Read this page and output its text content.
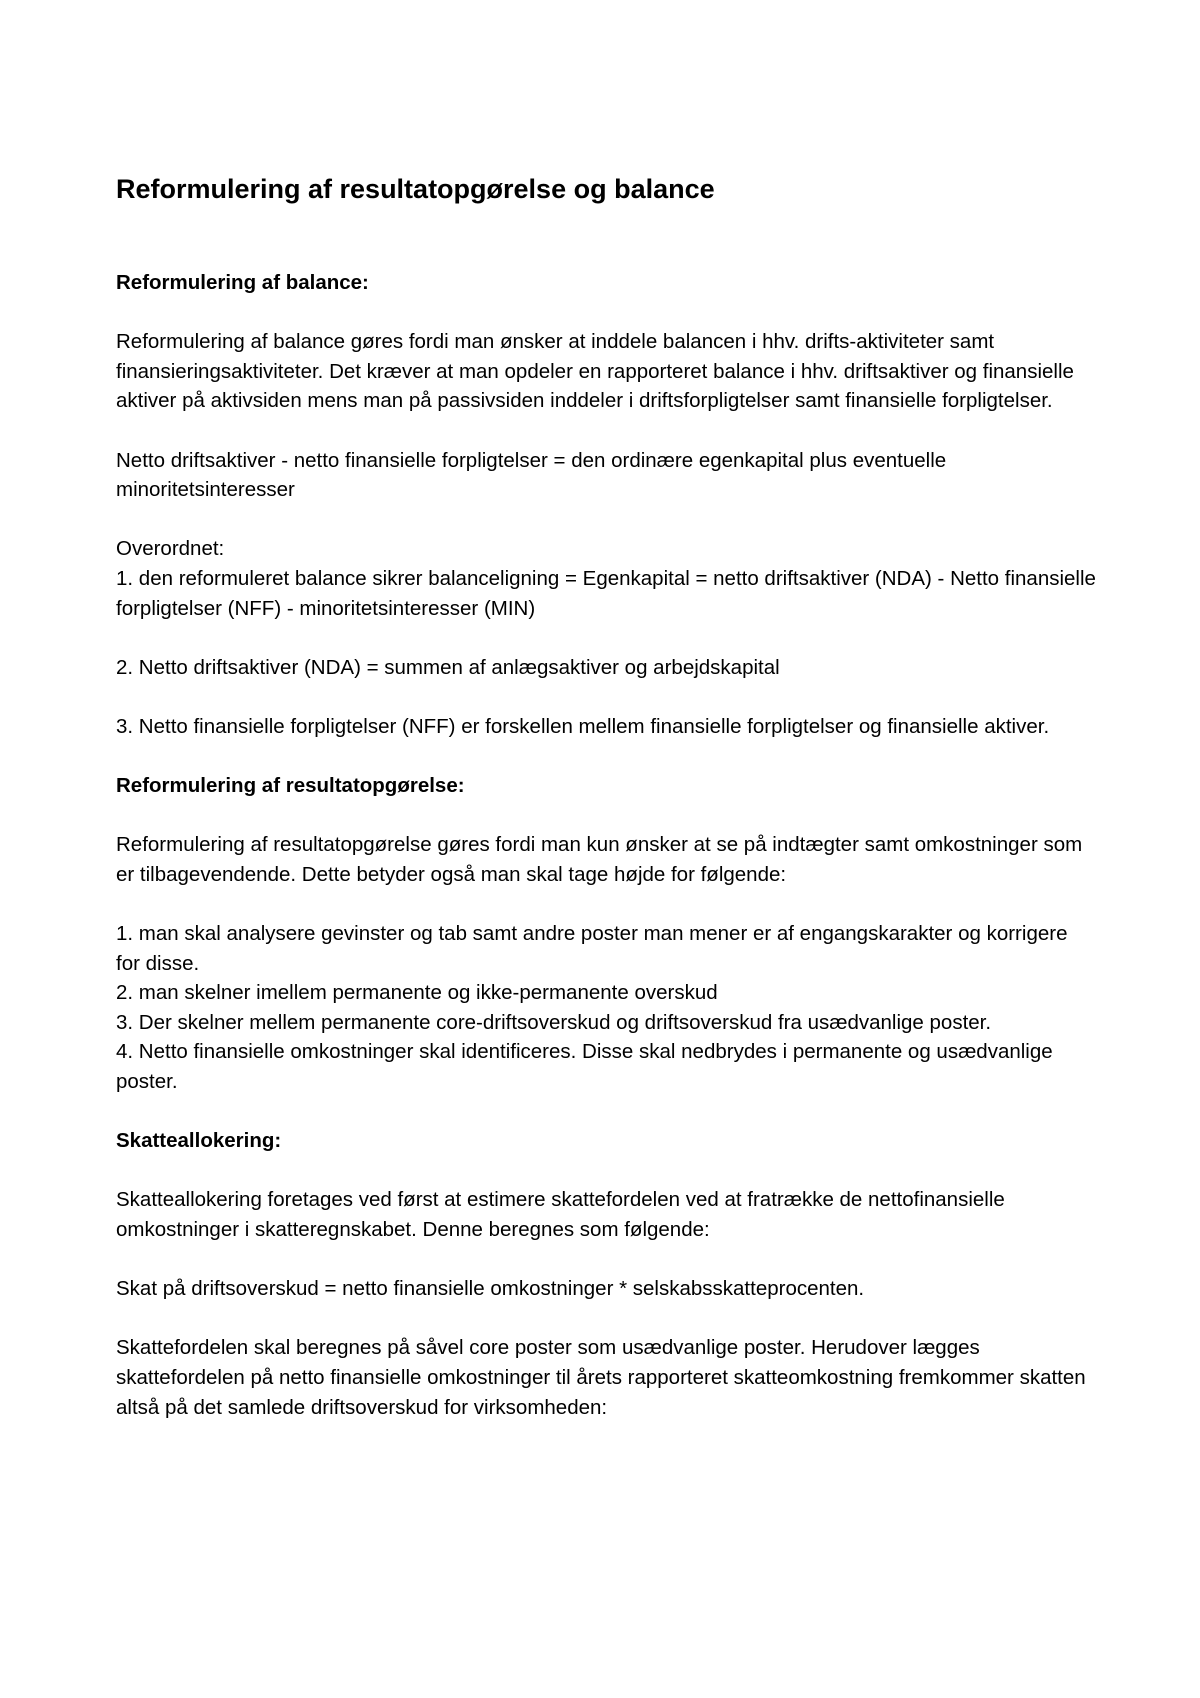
Reformulering af resultatopgørelse og balance
Reformulering af balance:

Reformulering af balance gøres fordi man ønsker at inddele balancen i hhv. drifts-aktiviteter samt finansieringsaktiviteter. Det kræver at man opdeler en rapporteret balance i hhv. driftsaktiver og finansielle aktiver på aktivsiden mens man på passivsiden inddeler i driftsforpligtelser samt finansielle forpligtelser.

Netto driftsaktiver - netto finansielle forpligtelser = den ordinære egenkapital plus eventuelle minoritetsinteresser

Overordnet:

1. den reformuleret balance sikrer balanceligning = Egenkapital = netto driftsaktiver (NDA) - Netto finansielle forpligtelser (NFF) - minoritetsinteresser (MIN)

2. Netto driftsaktiver (NDA) = summen af anlægsaktiver og arbejdskapital

3. Netto finansielle forpligtelser (NFF) er forskellen mellem finansielle forpligtelser og finansielle aktiver.

Reformulering af resultatopgørelse:

Reformulering af resultatopgørelse gøres fordi man kun ønsker at se på indtægter samt omkostninger som er tilbagevendende. Dette betyder også man skal tage højde for følgende:

1. man skal analysere gevinster og tab samt andre poster man mener er af engangskarakter og korrigere for disse.

2. man skelner imellem permanente og ikke-permanente overskud

3. Der skelner mellem permanente core-driftsoverskud og driftsoverskud fra usædvanlige poster.

4. Netto finansielle omkostninger skal identificeres. Disse skal nedbrydes i permanente og usædvanlige poster.

Skatteallokering:

Skatteallokering foretages ved først at estimere skattefordelen ved at fratrække de nettofinansielle omkostninger i skatteregnskabet. Denne beregnes som følgende:

Skat på driftsoverskud = netto finansielle omkostninger * selskabsskatteprocenten.

Skattefordelen skal beregnes på såvel core poster som usædvanlige poster. Herudover lægges skattefordelen på netto finansielle omkostninger til årets rapporteret skatteomkostning fremkommer skatten altså på det samlede driftsoverskud for virksomheden:
